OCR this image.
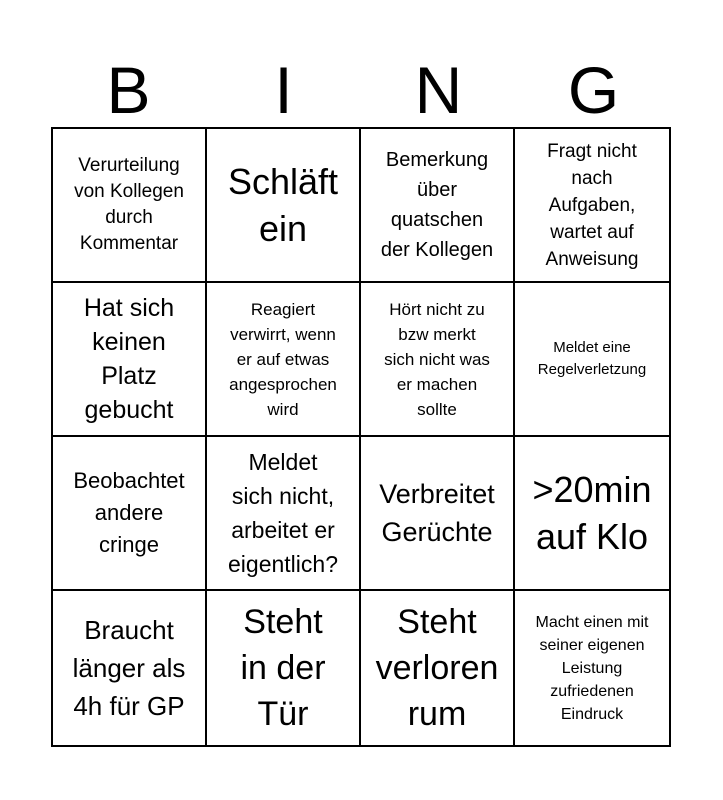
B	I	N	G
Verurteilung
von Kollegen
durch
Kommentar
Schläft
ein
Bemerkung
über
quatschen
der Kollegen
Fragt nicht
nach
Aufgaben,
wartet auf
Anweisung
Hat sich
keinen
Platz
gebucht
Reagiert
verwirrt, wenn
er auf etwas
angesprochen
wird
Hört nicht zu
bzw merkt
sich nicht was
er machen
sollte
Meldet eine
Regelverletzung
Beobachtet
andere
cringe
Meldet
sich nicht,
arbeitet er
eigentlich?
Verbreitet
Gerüchte
>20min
auf Klo
Braucht
länger als
4h für GP
Steht
in der
Tür
Steht
verloren
rum
Macht einen mit
seiner eigenen
Leistung
zufriedenen
Eindruck
